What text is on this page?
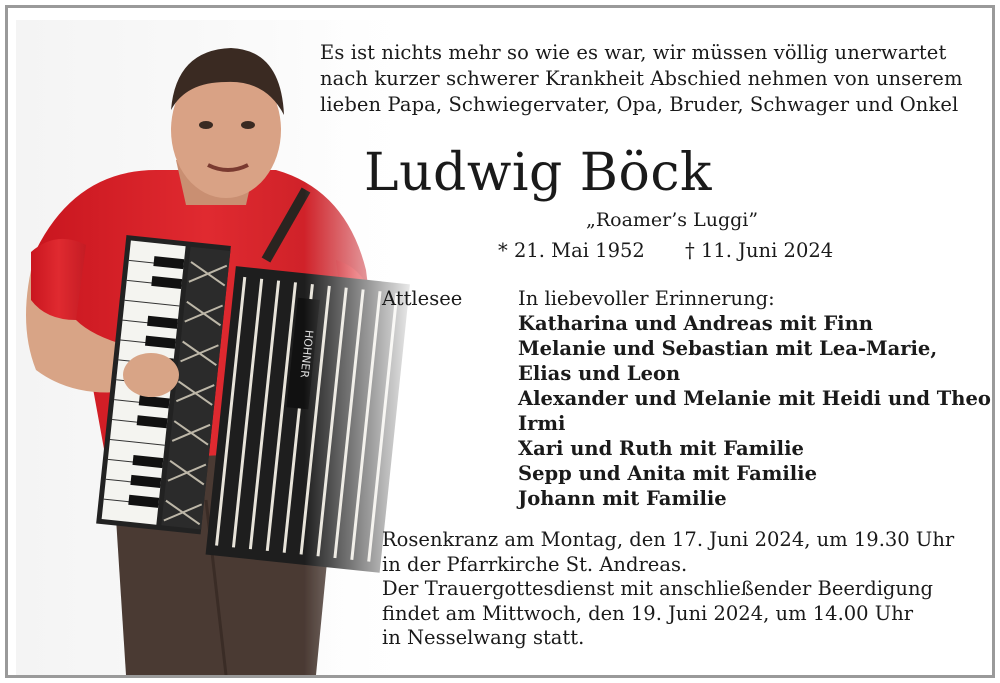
Es ist nichts mehr so wie es war, wir müssen völlig unerwartet
nach kurzer schwerer Krankheit Abschied nehmen von unserem
lieben Papa, Schwiegervater, Opa, Bruder, Schwager und Onkel
Ludwig Böck
„Roamer’s Luggi”
* 21. Mai 1952 † 11. Juni 2024
Attlesee	In liebevoller Erinnerung:
Katharina und Andreas mit Finn
Melanie und Sebastian mit Lea-Marie,
Elias und Leon
Alexander und Melanie mit Heidi und Theo
Irmi
Xari und Ruth mit Familie
Sepp und Anita mit Familie
Johann mit Familie
Rosenkranz am Montag, den 17. Juni 2024, um 19.30 Uhr
in der Pfarrkirche St. Andreas.
Der Trauergottesdienst mit anschließender Beerdigung
findet am Mittwoch, den 19. Juni 2024, um 14.00 Uhr
in Nesselwang statt.
